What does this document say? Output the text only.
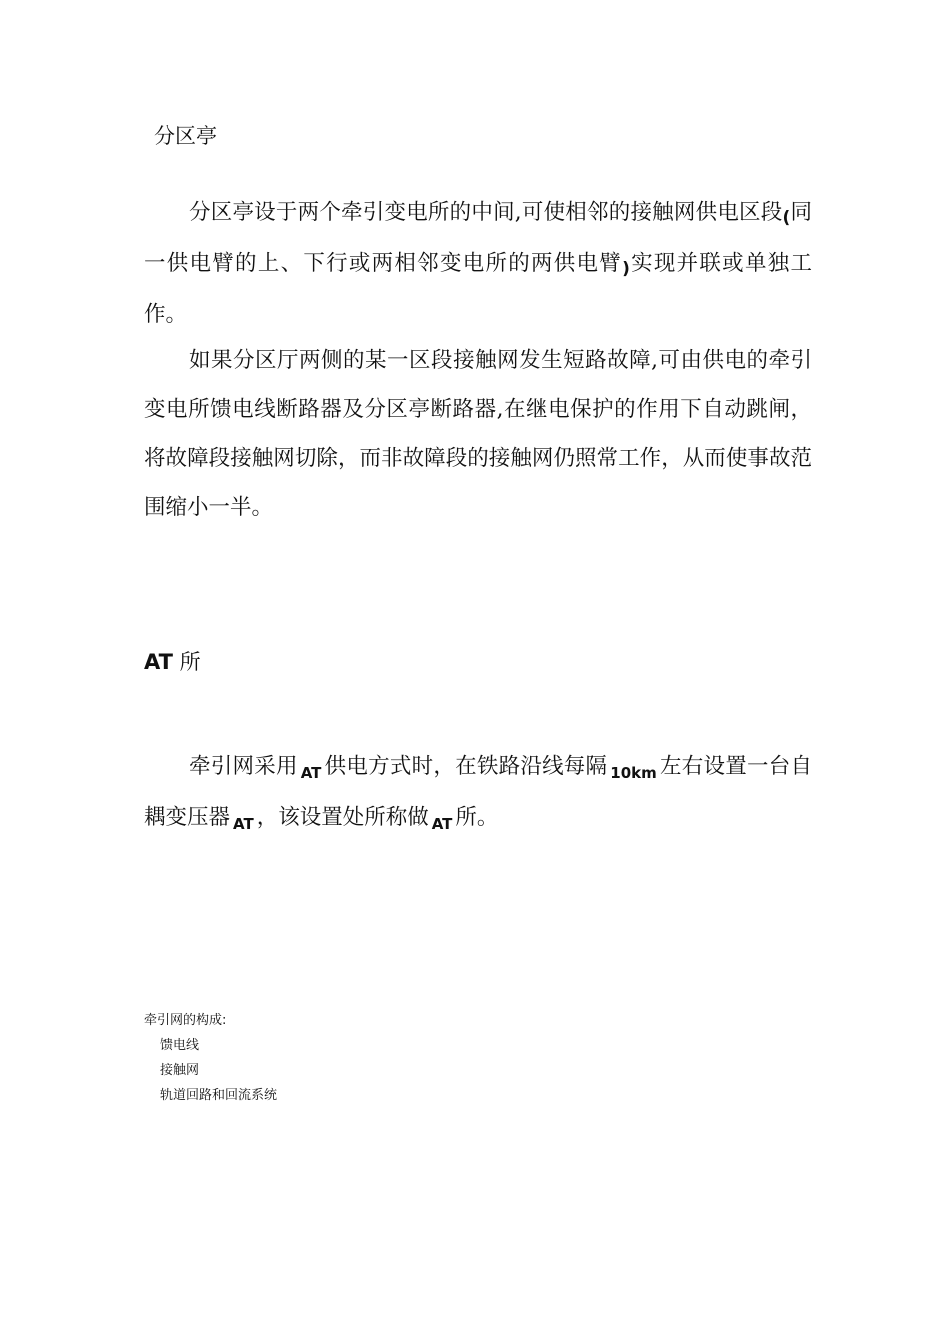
分区亭

分区亭设于两个牵引变电所的中间,可使相邻的接触网供电区段(同一供电臂的上、下行或两相邻变电所的两供电臂)实现并联或单独工作。

如果分区厅两侧的某一区段接触网发生短路故障,可由供电的牵引变电所馈电线断路器及分区亭断路器,在继电保护的作用下自动跳闸，将故障段接触网切除，而非故障段的接触网仍照常工作，从而使事故范围缩小一半。

AT 所

牵引网采用 $_{AT}$ 供电方式时，在铁路沿线每隔 $_{10km}$ 左右设置一台自耦变压器 $_{AT}$ ，该设置处所称做 $_{AT}$ 所。

牵引网的构成:
馈电线
接触网
轨道回路和回流系统
